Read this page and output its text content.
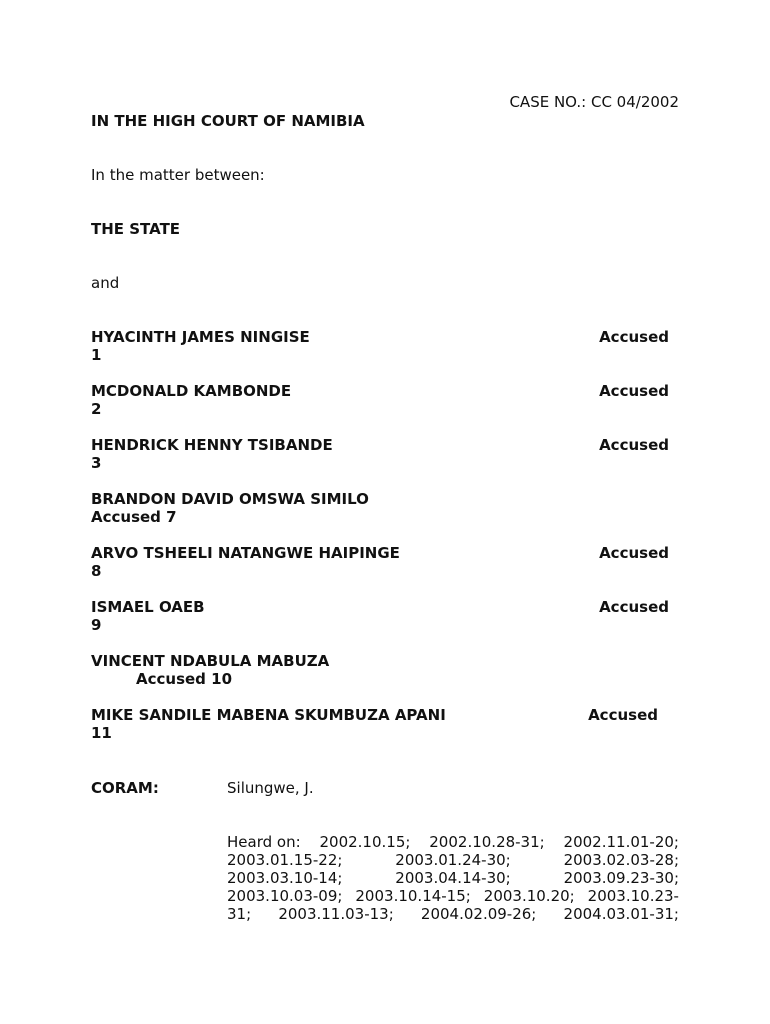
CASE NO.: CC 04/2002
IN THE HIGH COURT OF NAMIBIA
In the matter between:
THE STATE
and
HYACINTH JAMES NINGISE	Accused
1
MCDONALD KAMBONDE	Accused
2
HENDRICK HENNY TSIBANDE	Accused
3
BRANDON DAVID OMSWA SIMILO
Accused 7
ARVO TSHEELI NATANGWE HAIPINGE	Accused
8
ISMAEL OAEB	Accused
9
VINCENT NDABULA MABUZA
Accused 10
MIKE SANDILE MABENA SKUMBUZA APANI	Accused
11
CORAM:	Silungwe, J.
Heard on: 2002.10.15; 2002.10.28-31; 2002.11.01-20;
2003.01.15-22;	2003.01.24-30;	2003.02.03-28;
2003.03.10-14;	2003.04.14-30;	2003.09.23-30;
2003.10.03-09; 2003.10.14-15; 2003.10.20; 2003.10.23-
31; 2003.11.03-13; 2004.02.09-26; 2004.03.01-31;
